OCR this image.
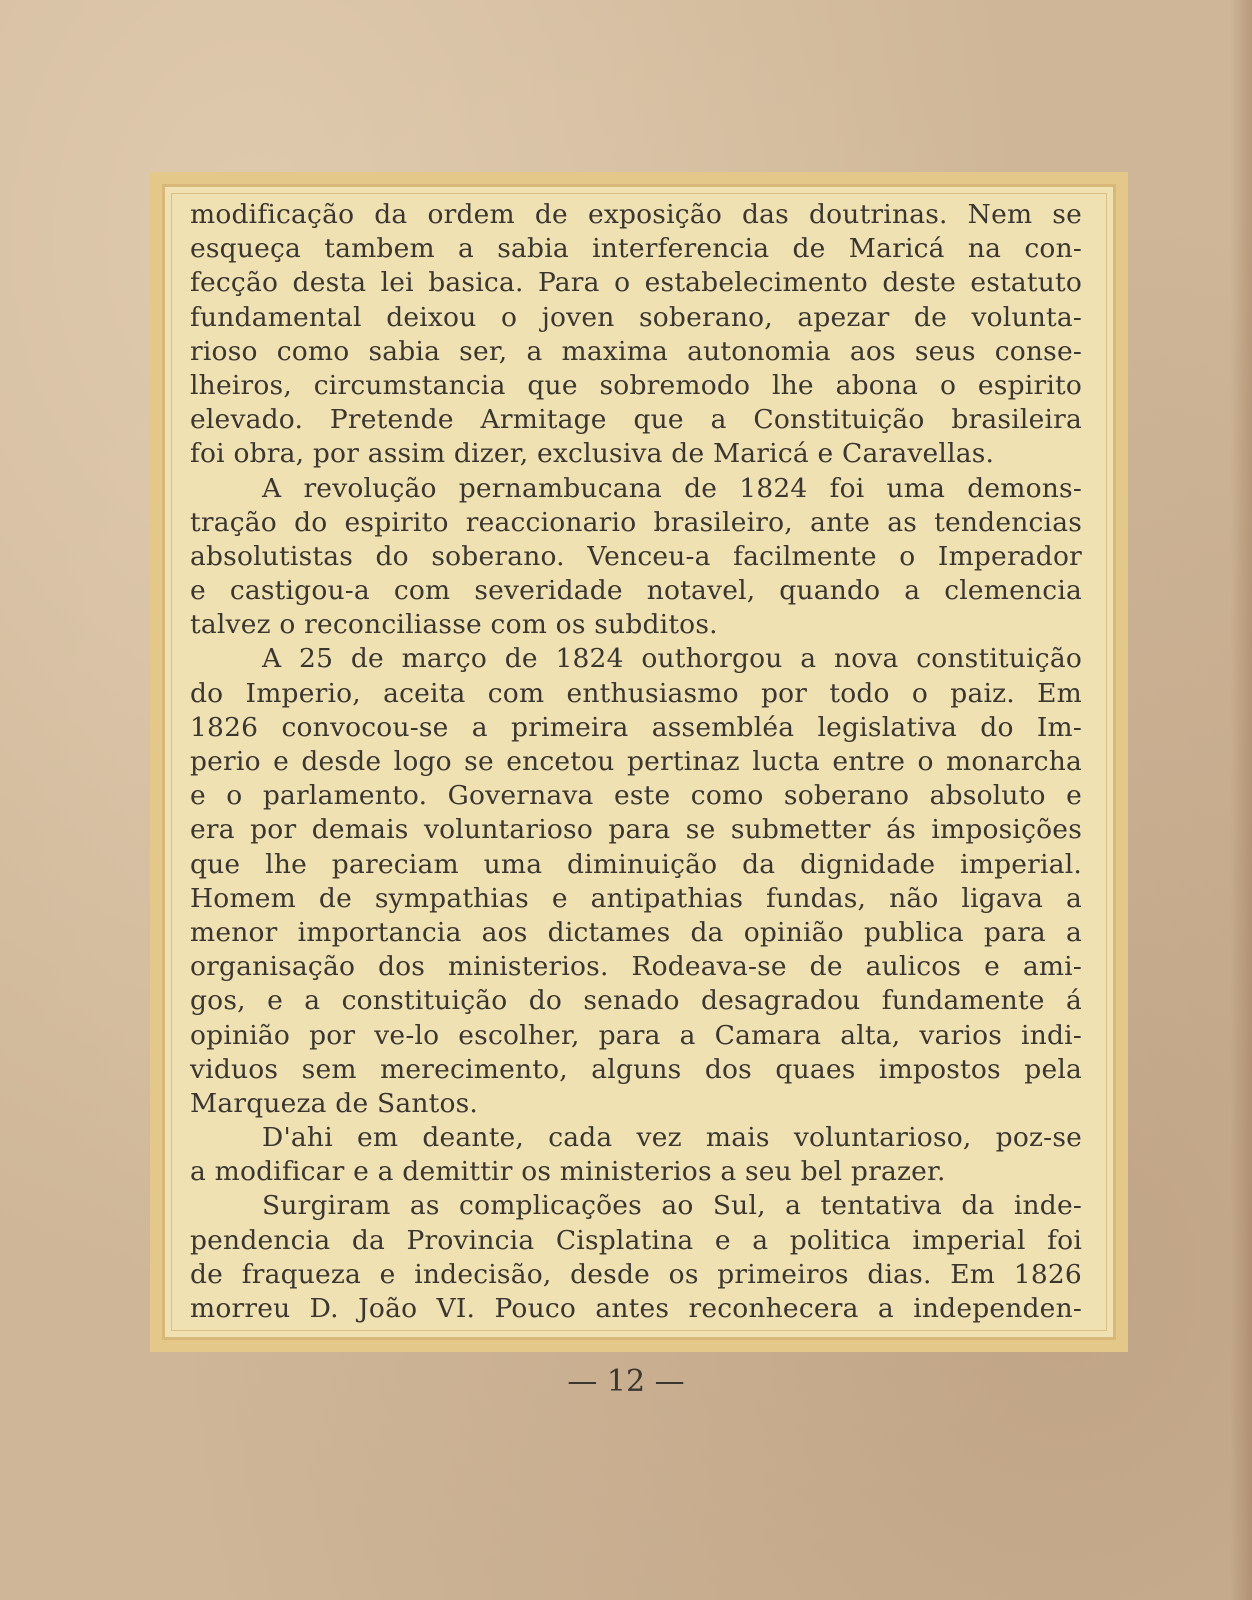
modificação da ordem de exposição das doutrinas. Nem se
esqueça tambem a sabia interferencia de Maricá na con-
fecção desta lei basica. Para o estabelecimento deste estatuto
fundamental deixou o joven soberano, apezar de volunta-
rioso como sabia ser, a maxima autonomia aos seus conse-
lheiros, circumstancia que sobremodo lhe abona o espirito
elevado. Pretende Armitage que a Constituição brasileira
foi obra, por assim dizer, exclusiva de Maricá e Caravellas.
A revolução pernambucana de 1824 foi uma demons-
tração do espirito reaccionario brasileiro, ante as tendencias
absolutistas do soberano. Venceu-a facilmente o Imperador
e castigou-a com severidade notavel, quando a clemencia
talvez o reconciliasse com os subditos.
A 25 de março de 1824 outhorgou a nova constituição
do Imperio, aceita com enthusiasmo por todo o paiz. Em
1826 convocou-se a primeira assembléa legislativa do Im-
perio e desde logo se encetou pertinaz lucta entre o monarcha
e o parlamento. Governava este como soberano absoluto e
era por demais voluntarioso para se submetter ás imposições
que lhe pareciam uma diminuição da dignidade imperial.
Homem de sympathias e antipathias fundas, não ligava a
menor importancia aos dictames da opinião publica para a
organisação dos ministerios. Rodeava-se de aulicos e ami-
gos, e a constituição do senado desagradou fundamente á
opinião por ve-lo escolher, para a Camara alta, varios indi-
viduos sem merecimento, alguns dos quaes impostos pela
Marqueza de Santos.
D'ahi em deante, cada vez mais voluntarioso, poz-se
a modificar e a demittir os ministerios a seu bel prazer.
Surgiram as complicações ao Sul, a tentativa da inde-
pendencia da Provincia Cisplatina e a politica imperial foi
de fraqueza e indecisão, desde os primeiros dias. Em 1826
morreu D. João VI. Pouco antes reconhecera a independen-
— 12 —
